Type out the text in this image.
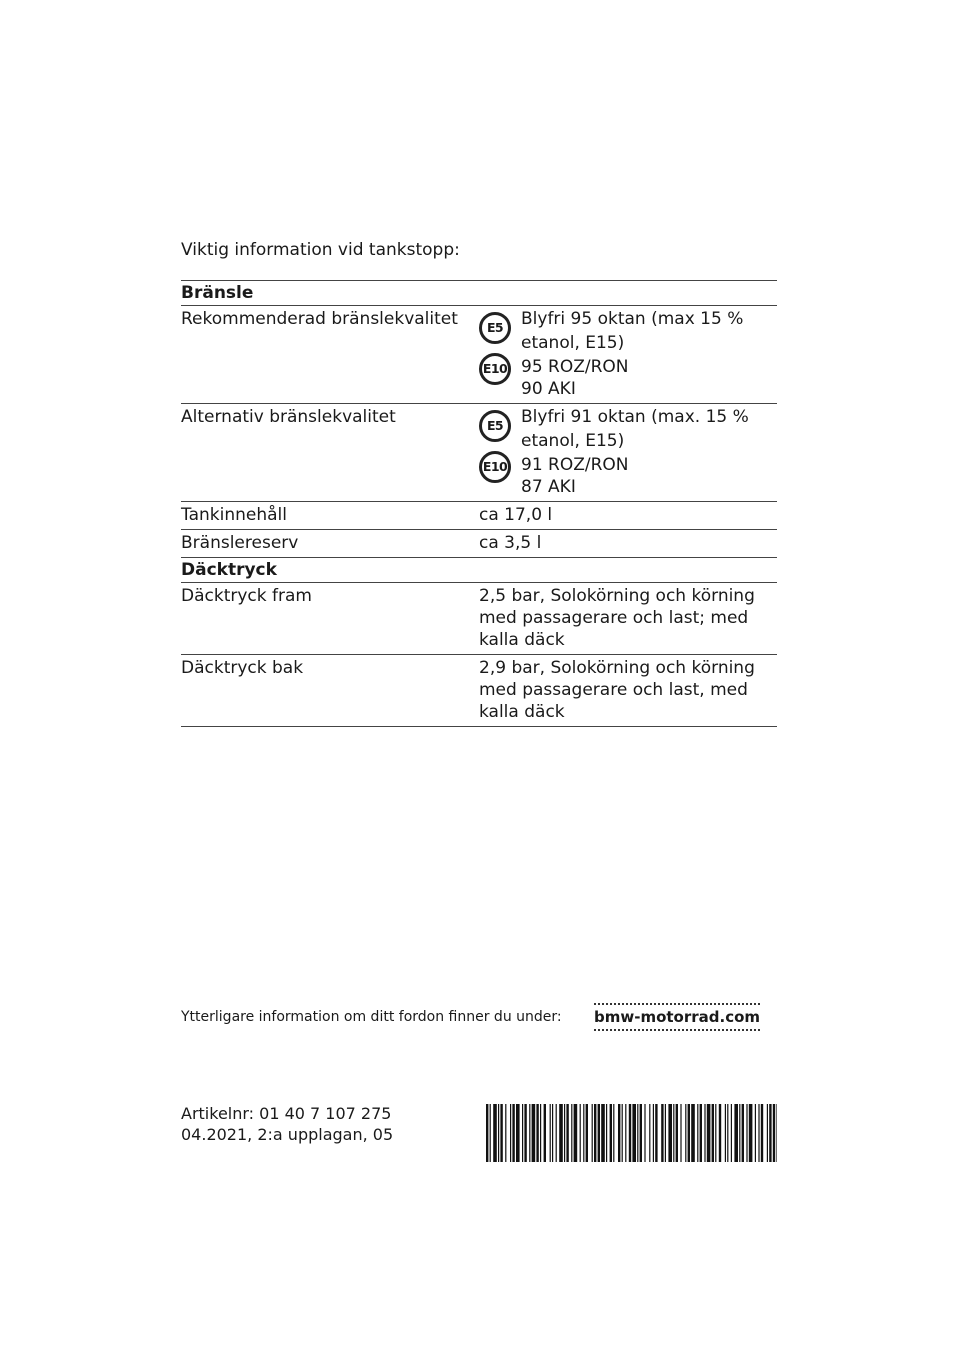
Viktig information vid tankstopp:
Bränsle
Rekommenderad bränslekvalitet	E5
E10
Blyfri 95 oktan (max 15 %
etanol, E15)
95 ROZ/RON
90 AKI
Alternativ bränslekvalitet	E5
E10
Blyfri 91 oktan (max. 15 %
etanol, E15)
91 ROZ/RON
87 AKI
Tankinnehåll	ca 17,0 l
Bränslereserv	ca 3,5 l
Däcktryck
Däcktryck fram	2,5 bar, Solokörning och körning med passagerare och last; med kalla däck
Däcktryck bak	2,9 bar, Solokörning och körning med passagerare och last, med kalla däck
Ytterligare information om ditt fordon finner du under: bmw-motorrad.com
Artikelnr: 01 40 7 107 275
04.2021, 2:a upplagan, 05
